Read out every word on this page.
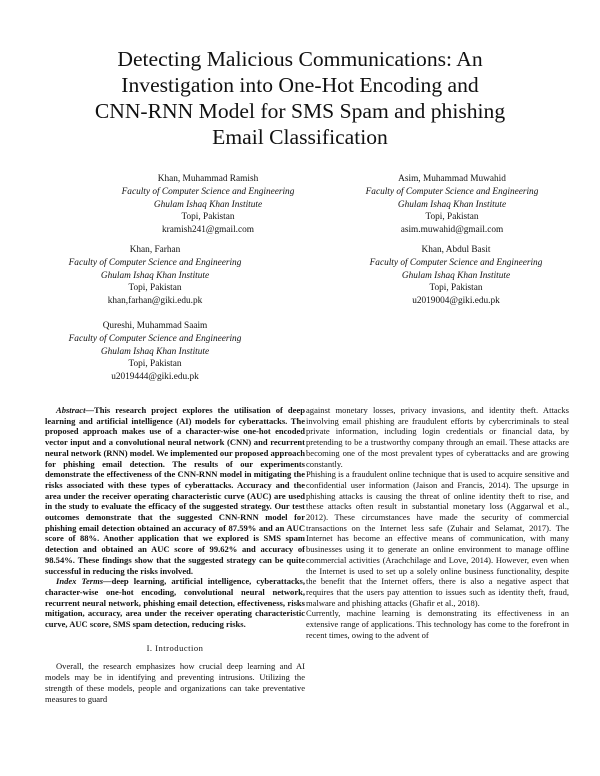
Detecting Malicious Communications: An
Investigation into One-Hot Encoding and
CNN-RNN Model for SMS Spam and phishing
Email Classification
Khan, Muhammad Ramish
Faculty of Computer Science and Engineering
Ghulam Ishaq Khan Institute
Topi, Pakistan
kramish241@gmail.com
Asim, Muhammad Muwahid
Faculty of Computer Science and Engineering
Ghulam Ishaq Khan Institute
Topi, Pakistan
asim.muwahid@gmail.com
Khan, Farhan
Faculty of Computer Science and Engineering
Ghulam Ishaq Khan Institute
Topi, Pakistan
khan,farhan@giki.edu.pk
Khan, Abdul Basit
Faculty of Computer Science and Engineering
Ghulam Ishaq Khan Institute
Topi, Pakistan
u2019004@giki.edu.pk
Qureshi, Muhammad Saaim
Faculty of Computer Science and Engineering
Ghulam Ishaq Khan Institute
Topi, Pakistan
u2019444@giki.edu.pk

Abstract—This research project explores the utilisation of deep learning and artificial intelligence (AI) models for cyberattacks. The proposed approach makes use of a character-wise one-hot encoded vector input and a convolutional neural network (CNN) and recurrent neural network (RNN) model. We implemented our proposed approach for phishing email detection. The results of our experiments demonstrate the effectiveness of the CNN-RNN model in mitigating the risks associated with these types of cyberattacks. Accuracy and the area under the receiver operating characteristic curve (AUC) are used in the study to evaluate the efficacy of the suggested strategy. Our test outcomes demonstrate that the suggested CNN-RNN model for phishing email detection obtained an accuracy of 87.59% and an AUC score of 88%. Another application that we explored is SMS spam detection and obtained an AUC score of 99.62% and accuracy of 98.54%. These findings show that the suggested strategy can be quite successful in reducing the risks involved.

Index Terms—deep learning, artificial intelligence, cyberattacks, character-wise one-hot encoding, convolutional neural network, recurrent neural network, phishing email detection, effectiveness, risks mitigation, accuracy, area under the receiver operating characteristic curve, AUC score, SMS spam detection, reducing risks.

I. Introduction

Overall, the research emphasizes how crucial deep learning and AI models may be in identifying and preventing intrusions. Utilizing the strength of these models, people and organizations can take preventative measures to guard

against monetary losses, privacy invasions, and identity theft. Attacks involving email phishing are fraudulent efforts by cybercriminals to steal private information, including login credentials or financial data, by pretending to be a trustworthy company through an email. These attacks are becoming one of the most prevalent types of cyberattacks and are growing constantly.

Phishing is a fraudulent online technique that is used to acquire sensitive and confidential user information (Jaison and Francis, 2014). The upsurge in phishing attacks is causing the threat of online identity theft to rise, and these attacks often result in substantial monetary loss (Aggarwal et al., 2012). These circumstances have made the security of commercial transactions on the Internet less safe (Zuhair and Selamat, 2017). The Internet has become an effective means of communication, with many businesses using it to generate an online environment to manage offline commercial activities (Arachchilage and Love, 2014). However, even when the Internet is used to set up a solely online business functionality, despite the benefit that the Internet offers, there is also a negative aspect that requires that the users pay attention to issues such as identity theft, fraud, malware and phishing attacks (Ghafir et al., 2018).

Currently, machine learning is demonstrating its effectiveness in an extensive range of applications. This technology has come to the forefront in recent times, owing to the advent of
